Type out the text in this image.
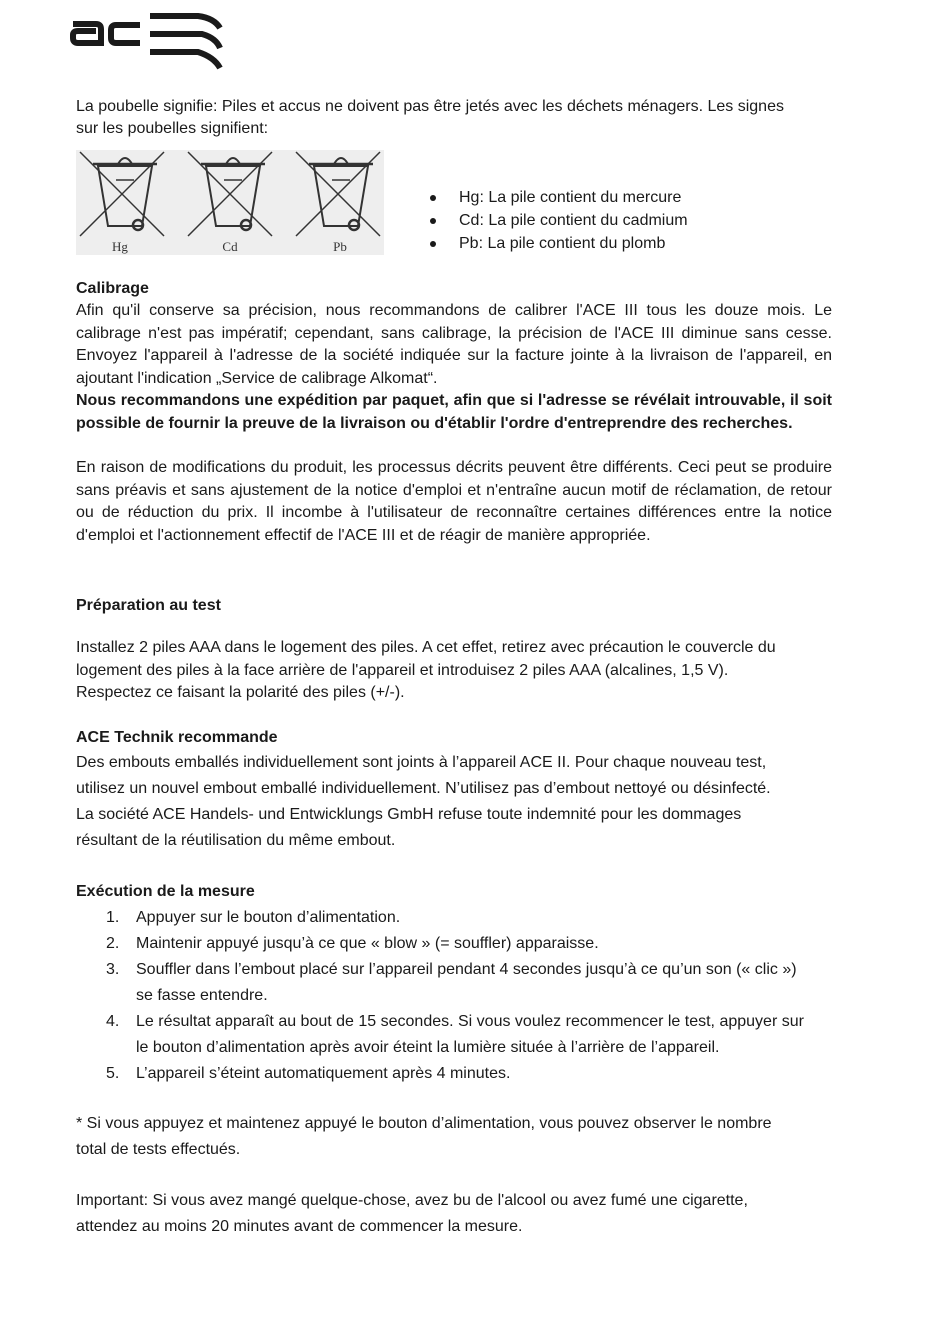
La poubelle signifie: Piles et accus ne doivent pas être jetés avec les déchets ménagers. Les signes

sur les poubelles signifient:

Hg	Cd	Pb
Hg: La pile contient du mercure
Cd: La pile contient du cadmium
Pb: La pile contient du plomb

Calibrage

Afin qu'il conserve sa précision, nous recommandons de calibrer l'ACE III tous les douze mois. Le calibrage n'est pas impératif; cependant, sans calibrage, la précision de l'ACE III diminue sans cesse. Envoyez l'appareil à l'adresse de la société indiquée sur la facture jointe à la livraison de l'appareil, en ajoutant l'indication „Service de calibrage Alkomat“.

Nous recommandons une expédition par paquet, afin que si l'adresse se révélait introuvable, il soit possible de fournir la preuve de la livraison ou d'établir l'ordre d'entreprendre des recherches.

En raison de modifications du produit, les processus décrits peuvent être différents. Ceci peut se produire sans préavis et sans ajustement de la notice d'emploi et n'entraîne aucun motif de réclamation, de retour ou de réduction du prix. Il incombe à l'utilisateur de reconnaître certaines différences entre la notice d'emploi et l'actionnement effectif de l'ACE III et de réagir de manière appropriée.

Préparation au test

Installez 2 piles AAA dans le logement des piles. A cet effet, retirez avec précaution le couvercle du

logement des piles à la face arrière de l'appareil et introduisez 2 piles AAA (alcalines, 1,5 V).

Respectez ce faisant la polarité des piles (+/-).

ACE Technik recommande

Des embouts emballés individuellement sont joints à l’appareil ACE II. Pour chaque nouveau test,

utilisez un nouvel embout emballé individuellement. N’utilisez pas d’embout nettoyé ou désinfecté.

La société ACE Handels- und Entwicklungs GmbH refuse toute indemnité pour les dommages

résultant de la réutilisation du même embout.

Exécution de la mesure

1. Appuyer sur le bouton d’alimentation.
2. Maintenir appuyé jusqu’à ce que « blow » (= souffler) apparaisse.
3. Souffler dans l’embout placé sur l’appareil pendant 4 secondes jusqu’à ce qu’un son (« clic »)
se fasse entendre.
4. Le résultat apparaît au bout de 15 secondes. Si vous voulez recommencer le test, appuyer sur
le bouton d’alimentation après avoir éteint la lumière située à l’arrière de l’appareil.
5. L’appareil s’éteint automatiquement après 4 minutes.

* Si vous appuyez et maintenez appuyé le bouton d’alimentation, vous pouvez observer le nombre

total de tests effectués.

Important: Si vous avez mangé quelque-chose, avez bu de l'alcool ou avez fumé une cigarette,

attendez au moins 20 minutes avant de commencer la mesure.
